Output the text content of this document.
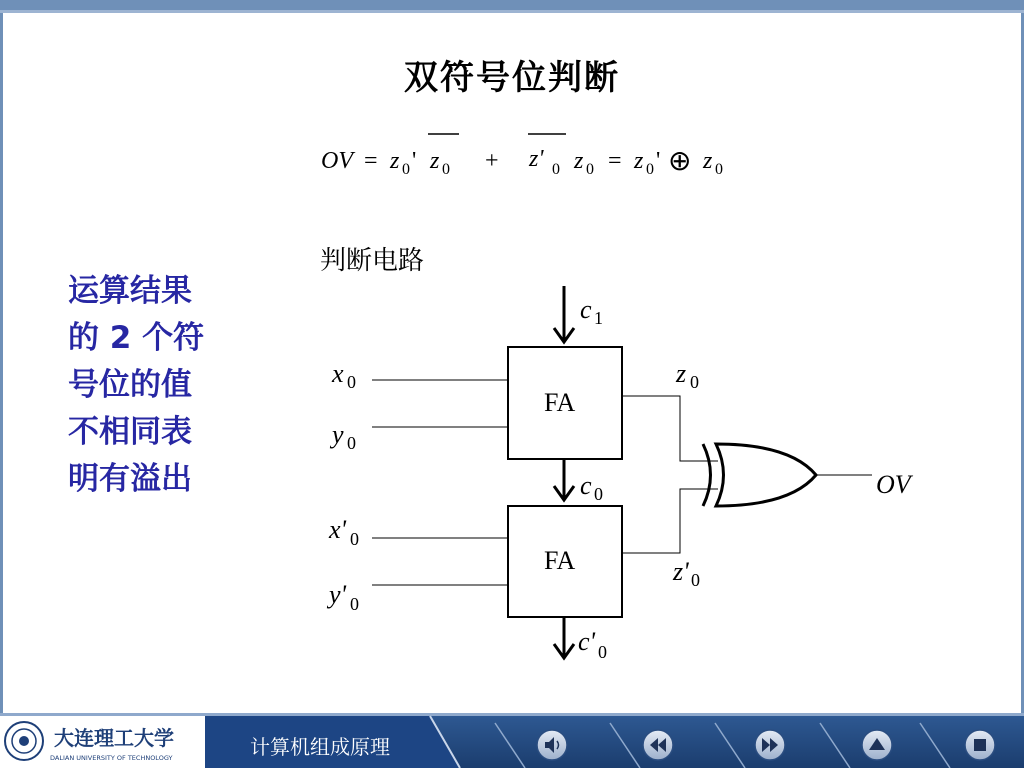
双符号位判断
运算结果
的 2 个符
号位的值
不相同表
明有溢出
判断电路
OV = z 0 ' z 0 + z' 0 z 0 = z 0 ' ⊕ z 0
FA
FA
c 1
c 0
c' 0
x 0
y 0
x' 0
y' 0
z 0
z' 0
OV
大连理工大学
DALIAN UNIVERSITY OF TECHNOLOGY	计算机组成原理
